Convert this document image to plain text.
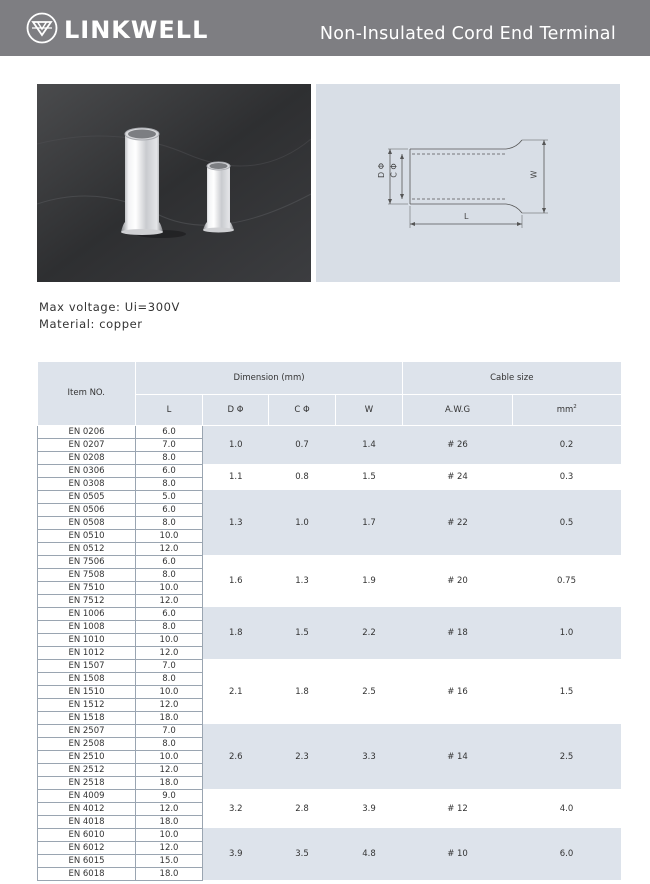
LINKWELL	Non-Insulated Cord End Terminal
D Φ C Φ	W
L
Max voltage: Ui=300V
Material: copper
Item NO.	Dimension (mm)				Cable size	
	L	D Φ	C Φ	W	A.W.G	$mm^2$
EN 0206	6.0	1.0	0.7	1.4	# 26	0.2
EN 0207	7.0					
EN 0208	8.0					
EN 0306	6.0	1.1	0.8	1.5	# 24	0.3
EN 0308	8.0					
EN 0505	5.0	1.3	1.0	1.7	# 22	0.5
EN 0506	6.0					
EN 0508	8.0					
EN 0510	10.0					
EN 0512	12.0					
EN 7506	6.0	1.6	1.3	1.9	# 20	0.75
EN 7508	8.0					
EN 7510	10.0					
EN 7512	12.0					
EN 1006	6.0	1.8	1.5	2.2	# 18	1.0
EN 1008	8.0					
EN 1010	10.0					
EN 1012	12.0					
EN 1507	7.0	2.1	1.8	2.5	# 16	1.5
EN 1508	8.0					
EN 1510	10.0					
EN 1512	12.0					
EN 1518	18.0					
EN 2507	7.0	2.6	2.3	3.3	# 14	2.5
EN 2508	8.0					
EN 2510	10.0					
EN 2512	12.0					
EN 2518	18.0					
EN 4009	9.0	3.2	2.8	3.9	# 12	4.0
EN 4012	12.0					
EN 4018	18.0					
EN 6010	10.0	3.9	3.5	4.8	# 10	6.0
EN 6012	12.0					
EN 6015	15.0					
EN 6018	18.0					
